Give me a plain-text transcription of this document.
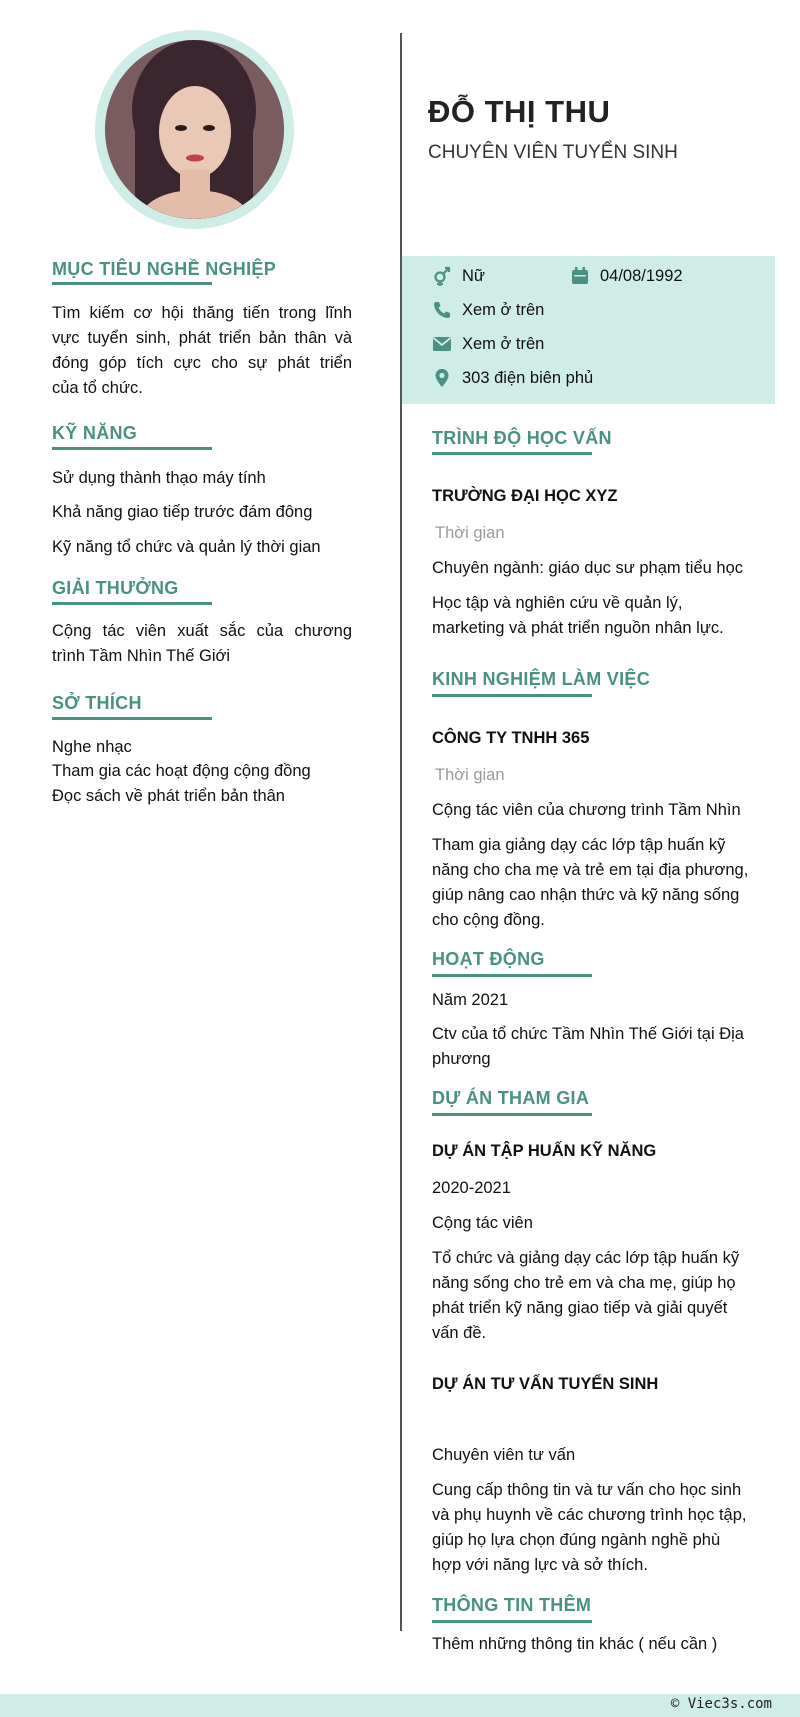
ĐỖ THỊ THU
CHUYÊN VIÊN TUYỂN SINH
Nữ	04/08/1992
Xem ở trên
Xem ở trên
303 điện biên phủ
MỤC TIÊU NGHỀ NGHIỆP
Tìm kiếm cơ hội thăng tiến trong lĩnh
vực tuyển sinh, phát triển bản thân và
đóng góp tích cực cho sự phát triển
của tổ chức.
KỸ NĂNG
Sử dụng thành thạo máy tính
Khả năng giao tiếp trước đám đông
Kỹ năng tổ chức và quản lý thời gian
GIẢI THƯỞNG
Cộng tác viên xuất sắc của chương
trình Tầm Nhìn Thế Giới
SỞ THÍCH
Nghe nhạc
Tham gia các hoạt động cộng đồng
Đọc sách về phát triển bản thân
TRÌNH ĐỘ HỌC VẤN
TRƯỜNG ĐẠI HỌC XYZ
Thời gian
Chuyên ngành: giáo dục sư phạm tiểu học
Học tập và nghiên cứu về quản lý,
marketing và phát triển nguồn nhân lực.
KINH NGHIỆM LÀM VIỆC
CÔNG TY TNHH 365
Thời gian
Cộng tác viên của chương trình Tầm Nhìn
Tham gia giảng dạy các lớp tập huấn kỹ
năng cho cha mẹ và trẻ em tại địa phương,
giúp nâng cao nhận thức và kỹ năng sống
cho cộng đồng.
HOẠT ĐỘNG
Năm 2021
Ctv của tổ chức Tầm Nhìn Thế Giới tại Địa
phương
DỰ ÁN THAM GIA
DỰ ÁN TẬP HUẤN KỸ NĂNG
2020-2021
Cộng tác viên
Tổ chức và giảng dạy các lớp tập huấn kỹ
năng sống cho trẻ em và cha mẹ, giúp họ
phát triển kỹ năng giao tiếp và giải quyết
vấn đề.
DỰ ÁN TƯ VẤN TUYỂN SINH
Chuyên viên tư vấn
Cung cấp thông tin và tư vấn cho học sinh
và phụ huynh về các chương trình học tập,
giúp họ lựa chọn đúng ngành nghề phù
hợp với năng lực và sở thích.
THÔNG TIN THÊM
Thêm những thông tin khác ( nếu cần )
© Viec3s.com
